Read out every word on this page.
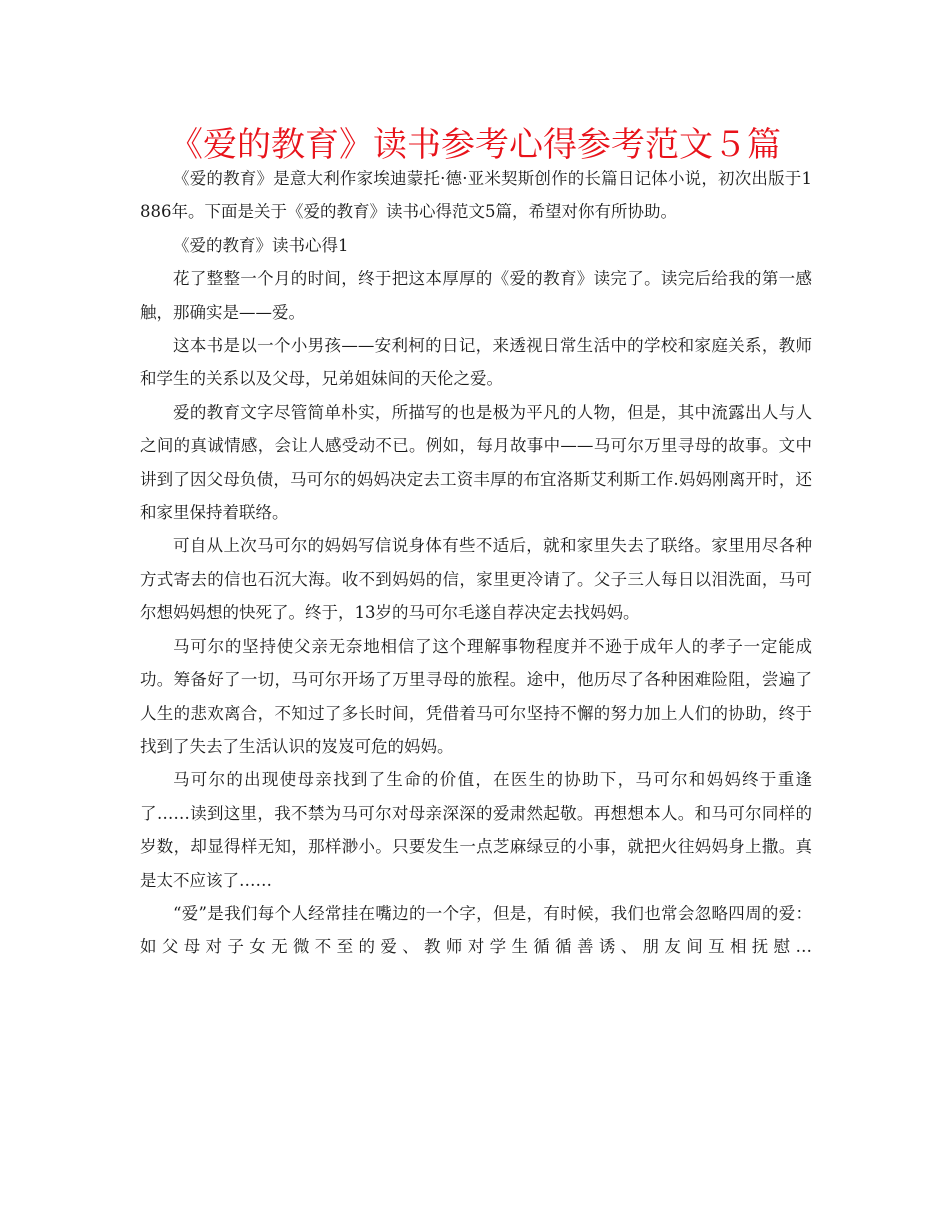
《爱的教育》读书参考心得参考范文５篇

《爱的教育》是意大利作家埃迪蒙托·德·亚米契斯创作的长篇日记体小说，初次出版于1886年。下面是关于《爱的教育》读书心得范文5篇，希望对你有所协助。

《爱的教育》读书心得1

花了整整一个月的时间，终于把这本厚厚的《爱的教育》读完了。读完后给我的第一感触，那确实是——爱。

这本书是以一个小男孩——安利柯的日记，来透视日常生活中的学校和家庭关系，教师和学生的关系以及父母，兄弟姐妹间的天伦之爱。

爱的教育文字尽管简单朴实，所描写的也是极为平凡的人物，但是，其中流露出人与人之间的真诚情感，会让人感受动不已。例如，每月故事中——马可尔万里寻母的故事。文中讲到了因父母负债，马可尔的妈妈决定去工资丰厚的布宜洛斯艾利斯工作.妈妈刚离开时，还和家里保持着联络。

可自从上次马可尔的妈妈写信说身体有些不适后，就和家里失去了联络。家里用尽各种方式寄去的信也石沉大海。收不到妈妈的信，家里更冷请了。父子三人每日以泪洗面，马可尔想妈妈想的快死了。终于，13岁的马可尔毛遂自荐决定去找妈妈。

马可尔的坚持使父亲无奈地相信了这个理解事物程度并不逊于成年人的孝子一定能成功。筹备好了一切，马可尔开场了万里寻母的旅程。途中，他历尽了各种困难险阻，尝遍了人生的悲欢离合，不知过了多长时间，凭借着马可尔坚持不懈的努力加上人们的协助，终于找到了失去了生活认识的岌岌可危的妈妈。

马可尔的出现使母亲找到了生命的价值，在医生的协助下，马可尔和妈妈终于重逢了……读到这里，我不禁为马可尔对母亲深深的爱肃然起敬。再想想本人。和马可尔同样的岁数，却显得样无知，那样渺小。只要发生一点芝麻绿豆的小事，就把火往妈妈身上撒。真是太不应该了……

“爱”是我们每个人经常挂在嘴边的一个字，但是，有时候，我们也常会忽略四周的爱：如父母对子女无微不至的爱、教师对学生循循善诱、朋友间互相抚慰…
